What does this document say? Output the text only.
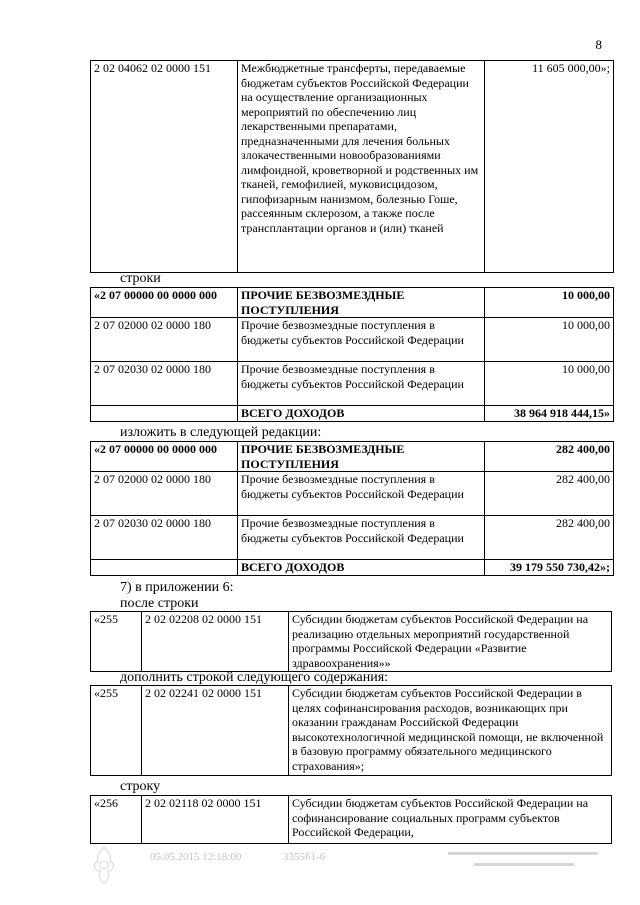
8
2 02 04062 02 0000 151	Межбюджетные трансферты, передаваемые бюджетам субъектов Российской Федерации на осуществление организационных мероприятий по обеспечению лиц лекарственными препаратами, предназначенными для лечения больных злокачественными новообразованиями лимфоидной, кроветворной и родственных им тканей, гемофилией, муковисцидозом, гипофизарным нанизмом, болезнью Гоше, рассеянным склерозом, а также после трансплантации органов и (или) тканей	11 605 000,00»;
строки
«2 07 00000 00 0000 000	ПРОЧИЕ БЕЗВОЗМЕЗДНЫЕ ПОСТУПЛЕНИЯ	10 000,00
2 07 02000 02 0000 180	Прочие безвозмездные поступления в бюджеты субъектов Российской Федерации	10 000,00
2 07 02030 02 0000 180	Прочие безвозмездные поступления в бюджеты субъектов Российской Федерации	10 000,00
	ВСЕГО ДОХОДОВ	38 964 918 444,15»
изложить в следующей редакции:
«2 07 00000 00 0000 000	ПРОЧИЕ БЕЗВОЗМЕЗДНЫЕ ПОСТУПЛЕНИЯ	282 400,00
2 07 02000 02 0000 180	Прочие безвозмездные поступления в бюджеты субъектов Российской Федерации	282 400,00
2 07 02030 02 0000 180	Прочие безвозмездные поступления в бюджеты субъектов Российской Федерации	282 400,00
	ВСЕГО ДОХОДОВ	39 179 550 730,42»;
7) в приложении 6:
после строки
«255	2 02 02208 02 0000 151	Субсидии бюджетам субъектов Российской Федерации на реализацию отдельных мероприятий государственной программы Российской Федерации «Развитие здравоохранения»»
дополнить строкой следующего содержания:
«255	2 02 02241 02 0000 151	Субсидии бюджетам субъектов Российской Федерации в целях софинансирования расходов, возникающих при оказании гражданам Российской Федерации высокотехнологичной медицинской помощи, не включенной в базовую программу обязательного медицинского страхования»;
строку
«256	2 02 02118 02 0000 151	Субсидии бюджетам субъектов Российской Федерации на софинансирование социальных программ субъектов Российской Федерации,
05.05.2015 12:18:00	335561-6
